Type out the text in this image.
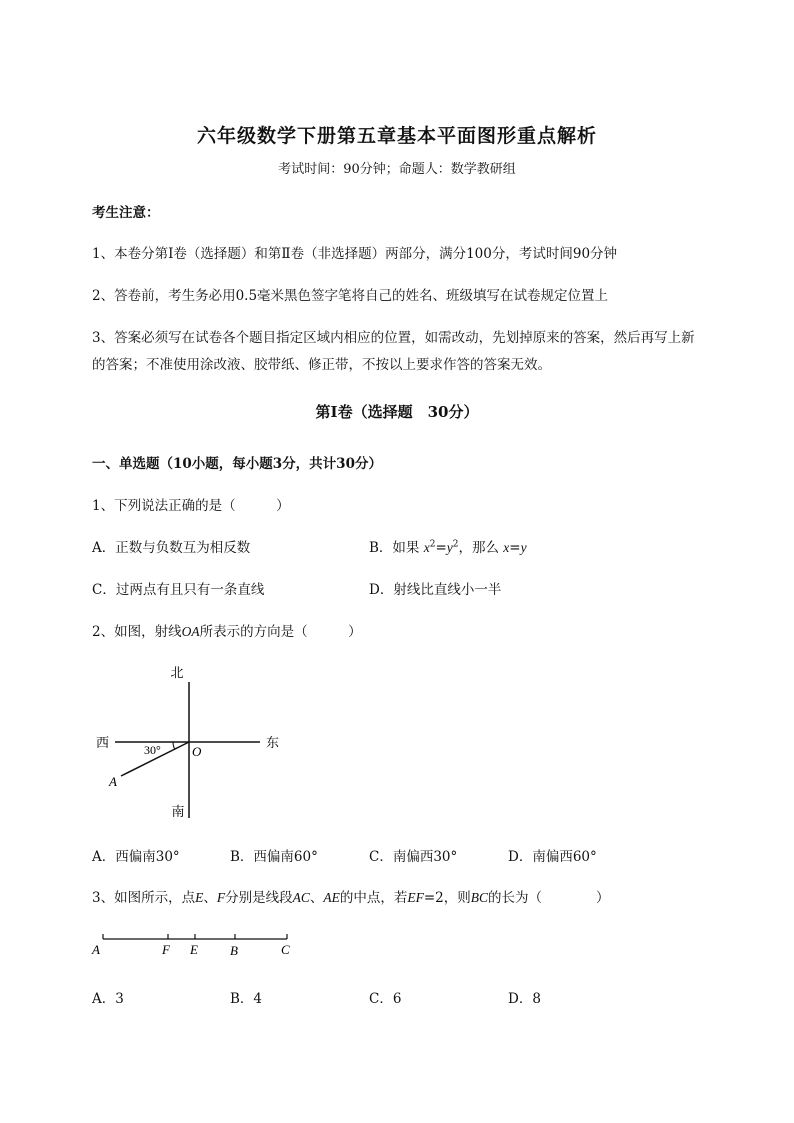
六年级数学下册第五章基本平面图形重点解析
考试时间：90分钟；命题人：数学教研组
考生注意：
1、本卷分第I卷（选择题）和第Ⅱ卷（非选择题）两部分，满分100分，考试时间90分钟
2、答卷前，考生务必用0.5毫米黑色签字笔将自己的姓名、班级填写在试卷规定位置上
3、答案必须写在试卷各个题目指定区域内相应的位置，如需改动，先划掉原来的答案，然后再写上新
的答案；不准使用涂改液、胶带纸、修正带，不按以上要求作答的答案无效。
第I卷（选择题　30分）
一、单选题（10小题，每小题3分，共计30分）
1、下列说法正确的是（　　　）
A．正数与负数互为相反数	B．如果 $x^2=y^2$，那么 x=y
C．过两点有且只有一条直线	D．射线比直线小一半
2、如图，射线OA所表示的方向是（　　　）
北
南
西	东
30° O
A
A．西偏南30°	B．西偏南60°	C．南偏西30°	D．南偏西60°
3、如图所示，点E、F分别是线段AC、AE的中点，若EF=2，则BC的长为（　　　　）
A	F E B	C
A．3	B．4	C．6	D．8
